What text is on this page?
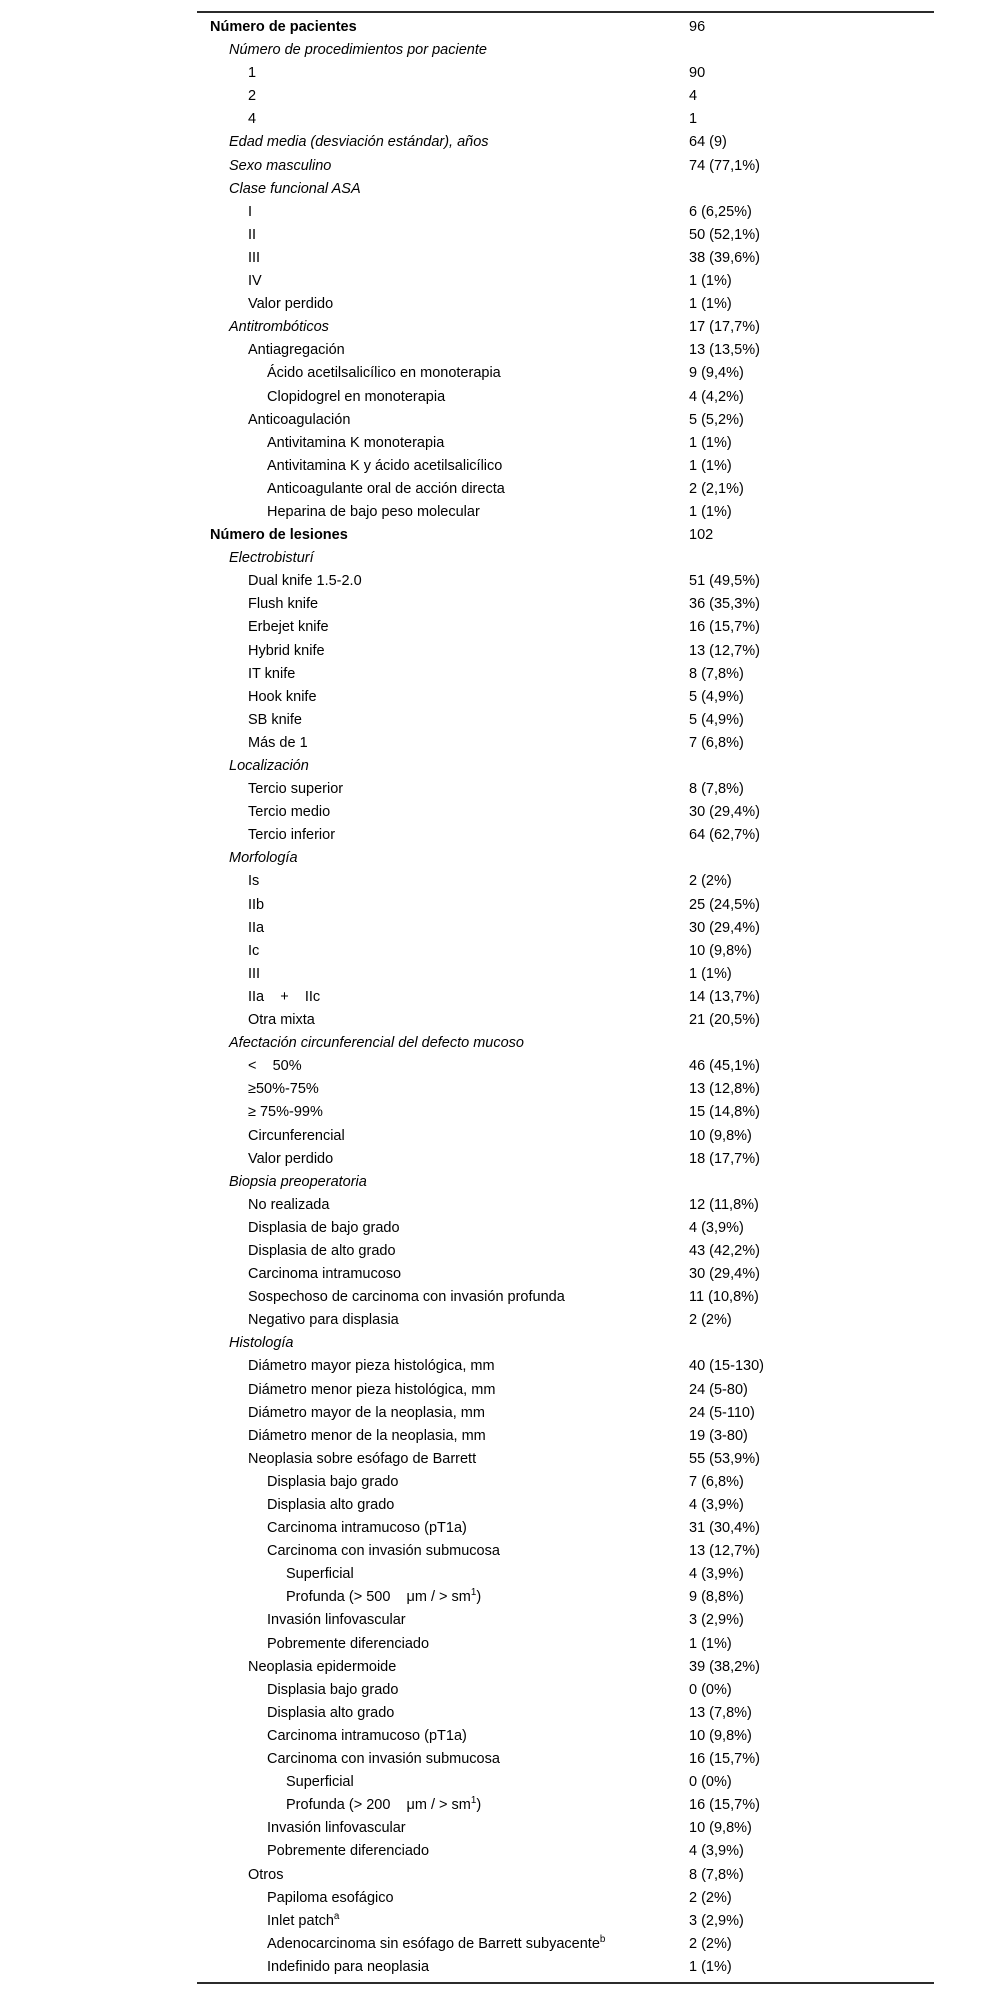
Número de pacientes	96
Número de procedimientos por paciente
1	90
2	4
4	1
Edad media (desviación estándar), años	64 (9)
Sexo masculino	74 (77,1%)
Clase funcional ASA
I	6 (6,25%)
II	50 (52,1%)
III	38 (39,6%)
IV	1 (1%)
Valor perdido	1 (1%)
Antitrombóticos	17 (17,7%)
Antiagregación	13 (13,5%)
Ácido acetilsalicílico en monoterapia	9 (9,4%)
Clopidogrel en monoterapia	4 (4,2%)
Anticoagulación	5 (5,2%)
Antivitamina K monoterapia	1 (1%)
Antivitamina K y ácido acetilsalicílico	1 (1%)
Anticoagulante oral de acción directa	2 (2,1%)
Heparina de bajo peso molecular	1 (1%)
Número de lesiones	102
Electrobisturí
Dual knife 1.5-2.0	51 (49,5%)
Flush knife	36 (35,3%)
Erbejet knife	16 (15,7%)
Hybrid knife	13 (12,7%)
IT knife	8 (7,8%)
Hook knife	5 (4,9%)
SB knife	5 (4,9%)
Más de 1	7 (6,8%)
Localización
Tercio superior	8 (7,8%)
Tercio medio	30 (29,4%)
Tercio inferior	64 (62,7%)
Morfología
Is	2 (2%)
IIb	25 (24,5%)
IIa	30 (29,4%)
Ic	10 (9,8%)
III	1 (1%)
IIa    +    IIc	14 (13,7%)
Otra mixta	21 (20,5%)
Afectación circunferencial del defecto mucoso
<    50%	46 (45,1%)
≥50%-75%	13 (12,8%)
≥ 75%-99%	15 (14,8%)
Circunferencial	10 (9,8%)
Valor perdido	18 (17,7%)
Biopsia preoperatoria
No realizada	12 (11,8%)
Displasia de bajo grado	4 (3,9%)
Displasia de alto grado	43 (42,2%)
Carcinoma intramucoso	30 (29,4%)
Sospechoso de carcinoma con invasión profunda	11 (10,8%)
Negativo para displasia	2 (2%)
Histología
Diámetro mayor pieza histológica, mm	40 (15-130)
Diámetro menor pieza histológica, mm	24 (5-80)
Diámetro mayor de la neoplasia, mm	24 (5-110)
Diámetro menor de la neoplasia, mm	19 (3-80)
Neoplasia sobre esófago de Barrett	55 (53,9%)
Displasia bajo grado	7 (6,8%)
Displasia alto grado	4 (3,9%)
Carcinoma intramucoso (pT1a)	31 (30,4%)
Carcinoma con invasión submucosa	13 (12,7%)
Superficial	4 (3,9%)
Profunda (> 500    μm / > $sm^1$)	9 (8,8%)
Invasión linfovascular	3 (2,9%)
Pobremente diferenciado	1 (1%)
Neoplasia epidermoide	39 (38,2%)
Displasia bajo grado	0 (0%)
Displasia alto grado	13 (7,8%)
Carcinoma intramucoso (pT1a)	10 (9,8%)
Carcinoma con invasión submucosa	16 (15,7%)
Superficial	0 (0%)
Profunda (> 200    μm / > $sm^1$)	16 (15,7%)
Invasión linfovascular	10 (9,8%)
Pobremente diferenciado	4 (3,9%)
Otros	8 (7,8%)
Papiloma esofágico	2 (2%)
Inlet patch$^a$	3 (2,9%)
Adenocarcinoma sin esófago de Barrett subyacente$^b$	2 (2%)
Indefinido para neoplasia	1 (1%)
